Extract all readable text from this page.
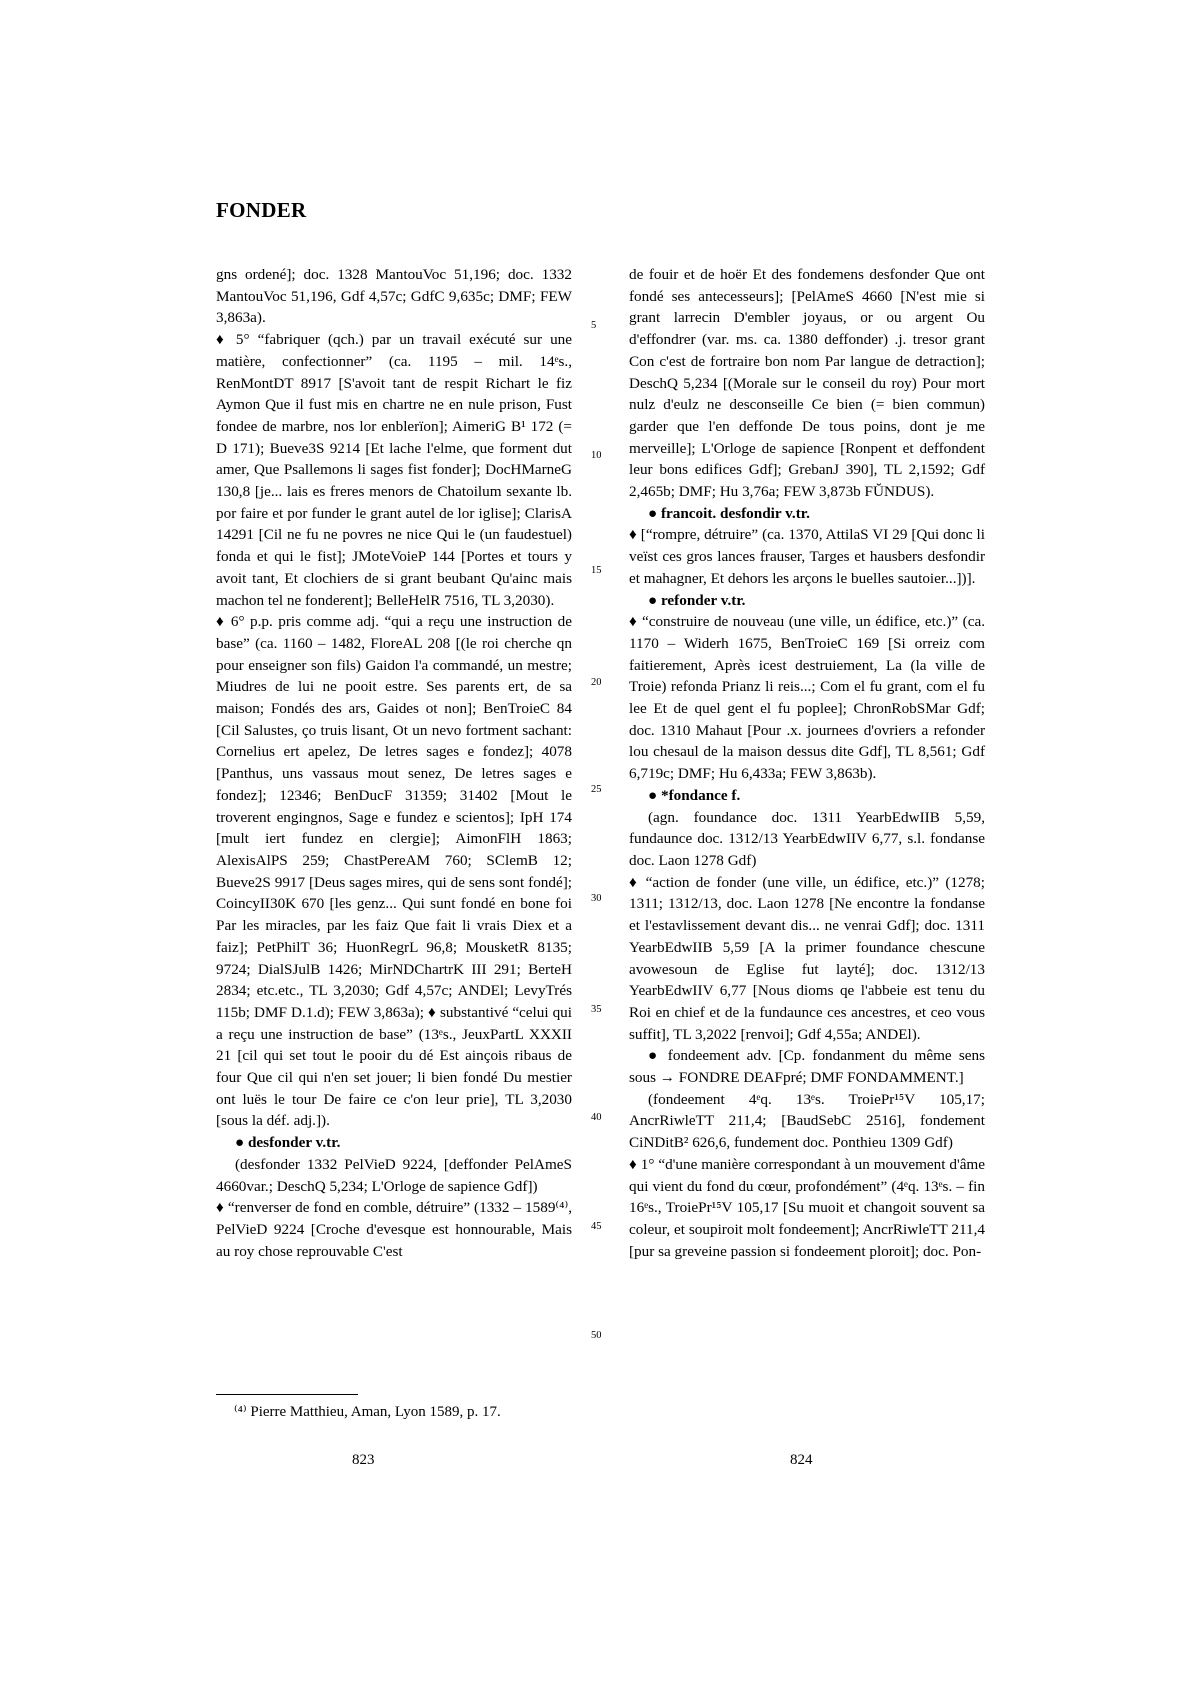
FONDER

gns ordené]; doc. 1328 MantouVoc 51,196; doc. 1332 MantouVoc 51,196, Gdf 4,57c; GdfC 9,635c; DMF; FEW 3,863a).

♦ 5° “fabriquer (qch.) par un travail exécuté sur une matière, confectionner” (ca. 1195 – mil. 14ᵉs., RenMontDT 8917 [S'avoit tant de respit Richart le fiz Aymon Que il fust mis en chartre ne en nule prison, Fust fondee de marbre, nos lor enblerïon]; AimeriG B¹ 172 (= D 171); Bueve3S 9214 [Et lache l'elme, que forment dut amer, Que Psallemons li sages fist fonder]; DocHMarneG 130,8 [je... lais es freres menors de Chatoilum sexante lb. por faire et por funder le grant autel de lor iglise]; ClarisA 14291 [Cil ne fu ne povres ne nice Qui le (un faudestuel) fonda et qui le fist]; JMoteVoieP 144 [Portes et tours y avoit tant, Et clochiers de si grant beubant Qu'ainc mais machon tel ne fonderent]; BelleHelR 7516, TL 3,2030).

♦ 6° p.p. pris comme adj. “qui a reçu une instruction de base” (ca. 1160 – 1482, FloreAL 208 [(le roi cherche qn pour enseigner son fils) Gaidon l'a commandé, un mestre; Miudres de lui ne pooit estre. Ses parents ert, de sa maison; Fondés des ars, Gaides ot non]; BenTroieC 84 [Cil Salustes, ço truis lisant, Ot un nevo fortment sachant: Cornelius ert apelez, De letres sages e fondez]; 4078 [Panthus, uns vassaus mout senez, De letres sages e fondez]; 12346; BenDucF 31359; 31402 [Mout le troverent engingnos, Sage e fundez e scientos]; IpH 174 [mult iert fundez en clergie]; AimonFlH 1863; AlexisAlPS 259; ChastPereAM 760; SClemB 12; Bueve2S 9917 [Deus sages mires, qui de sens sont fondé]; CoincyII30K 670 [les genz... Qui sunt fondé en bone foi Par les miracles, par les faiz Que fait li vrais Diex et a faiz]; PetPhilT 36; HuonRegrL 96,8; MousketR 8135; 9724; DialSJulB 1426; MirNDChartrK III 291; BerteH 2834; etc.etc., TL 3,2030; Gdf 4,57c; ANDEl; LevyTrés 115b; DMF D.1.d); FEW 3,863a); ♦ substantivé “celui qui a reçu une instruction de base” (13ᵉs., JeuxPartL XXXII 21 [cil qui set tout le pooir du dé Est ainçois ribaus de four Que cil qui n'en set jouer; li bien fondé Du mestier ont luës le tour De faire ce c'on leur prie], TL 3,2030 [sous la déf. adj.]).

● desfonder v.tr.

(desfonder 1332 PelVieD 9224, [deffonder PelAmeS 4660var.; DeschQ 5,234; L'Orloge de sapience Gdf])

♦ “renverser de fond en comble, détruire” (1332 – 1589⁽⁴⁾, PelVieD 9224 [Croche d'evesque est honnourable, Mais au roy chose reprouvable C'est

5
10
15
20
25
30
35
40
45
50

de fouir et de hoër Et des fondemens desfonder Que ont fondé ses antecesseurs]; [PelAmeS 4660 [N'est mie si grant larrecin D'embler joyaus, or ou argent Ou d'effondrer (var. ms. ca. 1380 deffonder) .j. tresor grant Con c'est de fortraire bon nom Par langue de detraction]; DeschQ 5,234 [(Morale sur le conseil du roy) Pour mort nulz d'eulz ne desconseille Ce bien (= bien commun) garder que l'en deffonde De tous poins, dont je me merveille]; L'Orloge de sapience [Ronpent et deffondent leur bons edifices Gdf]; GrebanJ 390], TL 2,1592; Gdf 2,465b; DMF; Hu 3,76a; FEW 3,873b FŬNDUS).

● francoit. desfondir v.tr.

♦ [“rompre, détruire” (ca. 1370, AttilaS VI 29 [Qui donc li veïst ces gros lances frauser, Targes et hausbers desfondir et mahagner, Et dehors les arçons le buelles sautoier...])].

● refonder v.tr.

♦ “construire de nouveau (une ville, un édifice, etc.)” (ca. 1170 – Widerh 1675, BenTroieC 169 [Si orreiz com faitierement, Après icest destruiement, La (la ville de Troie) refonda Prianz li reis...; Com el fu grant, com el fu lee Et de quel gent el fu poplee]; ChronRobSMar Gdf; doc. 1310 Mahaut [Pour .x. journees d'ovriers a refonder lou chesaul de la maison dessus dite Gdf], TL 8,561; Gdf 6,719c; DMF; Hu 6,433a; FEW 3,863b).

● *fondance f.

(agn. foundance doc. 1311 YearbEdwIIB 5,59, fundaunce doc. 1312/13 YearbEdwIIV 6,77, s.l. fondanse doc. Laon 1278 Gdf)

♦ “action de fonder (une ville, un édifice, etc.)” (1278; 1311; 1312/13, doc. Laon 1278 [Ne encontre la fondanse et l'estavlissement devant dis... ne venrai Gdf]; doc. 1311 YearbEdwIIB 5,59 [A la primer foundance chescune avowesoun de Eglise fut layté]; doc. 1312/13 YearbEdwIIV 6,77 [Nous dioms qe l'abbeie est tenu du Roi en chief et de la fundaunce ces ancestres, et ceo vous suffit], TL 3,2022 [renvoi]; Gdf 4,55a; ANDEl).

● fondeement adv. [Cp. fondanment du même sens sous → FONDRE DEAFpré; DMF FONDAMMENT.]

(fondeement 4ᵉq. 13ᵉs. TroiePr¹⁵V 105,17; AncrRiwleTT 211,4; [BaudSebC 2516], fondement CiNDitB² 626,6, fundement doc. Ponthieu 1309 Gdf)

♦ 1° “d'une manière correspondant à un mouvement d'âme qui vient du fond du cœur, profondément” (4ᵉq. 13ᵉs. – fin 16ᵉs., TroiePr¹⁵V 105,17 [Su muoit et changoit souvent sa coleur, et soupiroit molt fondeement]; AncrRiwleTT 211,4 [pur sa greveine passion si fondeement ploroit]; doc. Pon-

⁽⁴⁾ Pierre Matthieu, Aman, Lyon 1589, p. 17.
823	824
